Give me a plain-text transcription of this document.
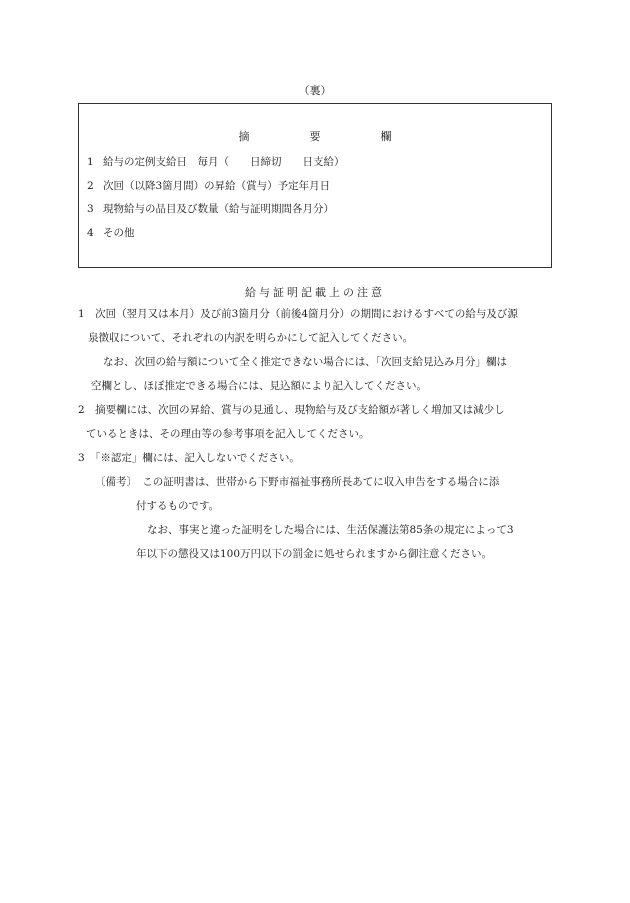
（裏）
摘	要	欄
1 給与の定例支給日　毎月（　　日締切　　日支給）
2 次回（以降3箇月間）の昇給（賞与）予定年月日
3 現物給与の品目及び数量（給与証明期間各月分）
4 その他
給与証明記載上の注意
1　次回（翌月又は本月）及び前3箇月分（前後4箇月分）の期間におけるすべての給与及び源
泉徴収について、それぞれの内訳を明らかにして記入してください。
なお、次回の給与額について全く推定できない場合には、「次回支給見込み月分」欄は
空欄とし、ほぼ推定できる場合には、見込額により記入してください。
2　摘要欄には、次回の昇給、賞与の見通し、現物給与及び支給額が著しく増加又は減少し
ているときは、その理由等の参考事項を記入してください。
3　「※認定」欄には、記入しないでください。
〔備考〕　この証明書は、世帯から下野市福祉事務所長あてに収入申告をする場合に添
付するものです。
なお、事実と違った証明をした場合には、生活保護法第85条の規定によって3
年以下の懲役又は100万円以下の罰金に処せられますから御注意ください。
